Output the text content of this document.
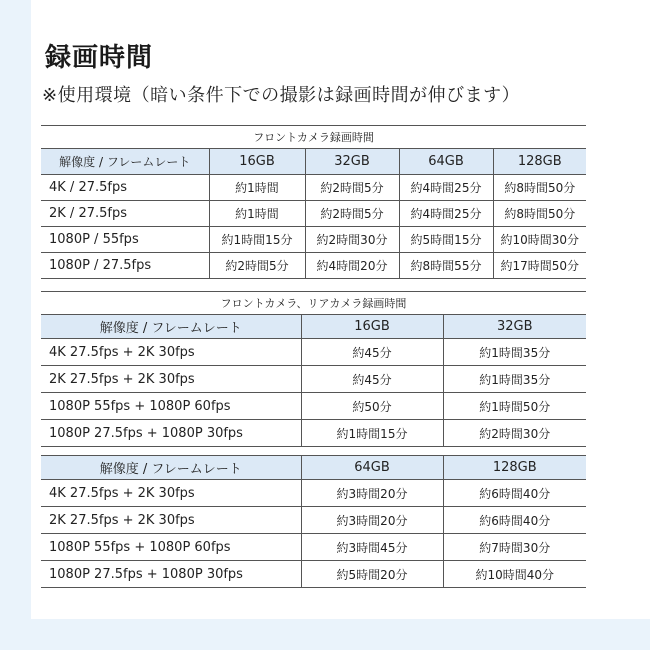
録画時間
※使用環境（暗い条件下での撮影は録画時間が伸びます）
フロントカメラ録画時間				
解像度 / フレームレート	16GB	32GB	64GB	128GB
4K / 27.5fps	約1時間	約2時間5分	約4時間25分	約8時間50分
2K / 27.5fps	約1時間	約2時間5分	約4時間25分	約8時間50分
1080P / 55fps	約1時間15分	約2時間30分	約5時間15分	約10時間30分
1080P / 27.5fps	約2時間5分	約4時間20分	約8時間55分	約17時間50分
フロントカメラ、リアカメラ録画時間		
解像度 / フレームレート	16GB	32GB
4K 27.5fps + 2K 30fps	約45分	約1時間35分
2K 27.5fps + 2K 30fps	約45分	約1時間35分
1080P 55fps + 1080P 60fps	約50分	約1時間50分
1080P 27.5fps + 1080P 30fps	約1時間15分	約2時間30分
解像度 / フレームレート	64GB	128GB
4K 27.5fps + 2K 30fps	約3時間20分	約6時間40分
2K 27.5fps + 2K 30fps	約3時間20分	約6時間40分
1080P 55fps + 1080P 60fps	約3時間45分	約7時間30分
1080P 27.5fps + 1080P 30fps	約5時間20分	約10時間40分
